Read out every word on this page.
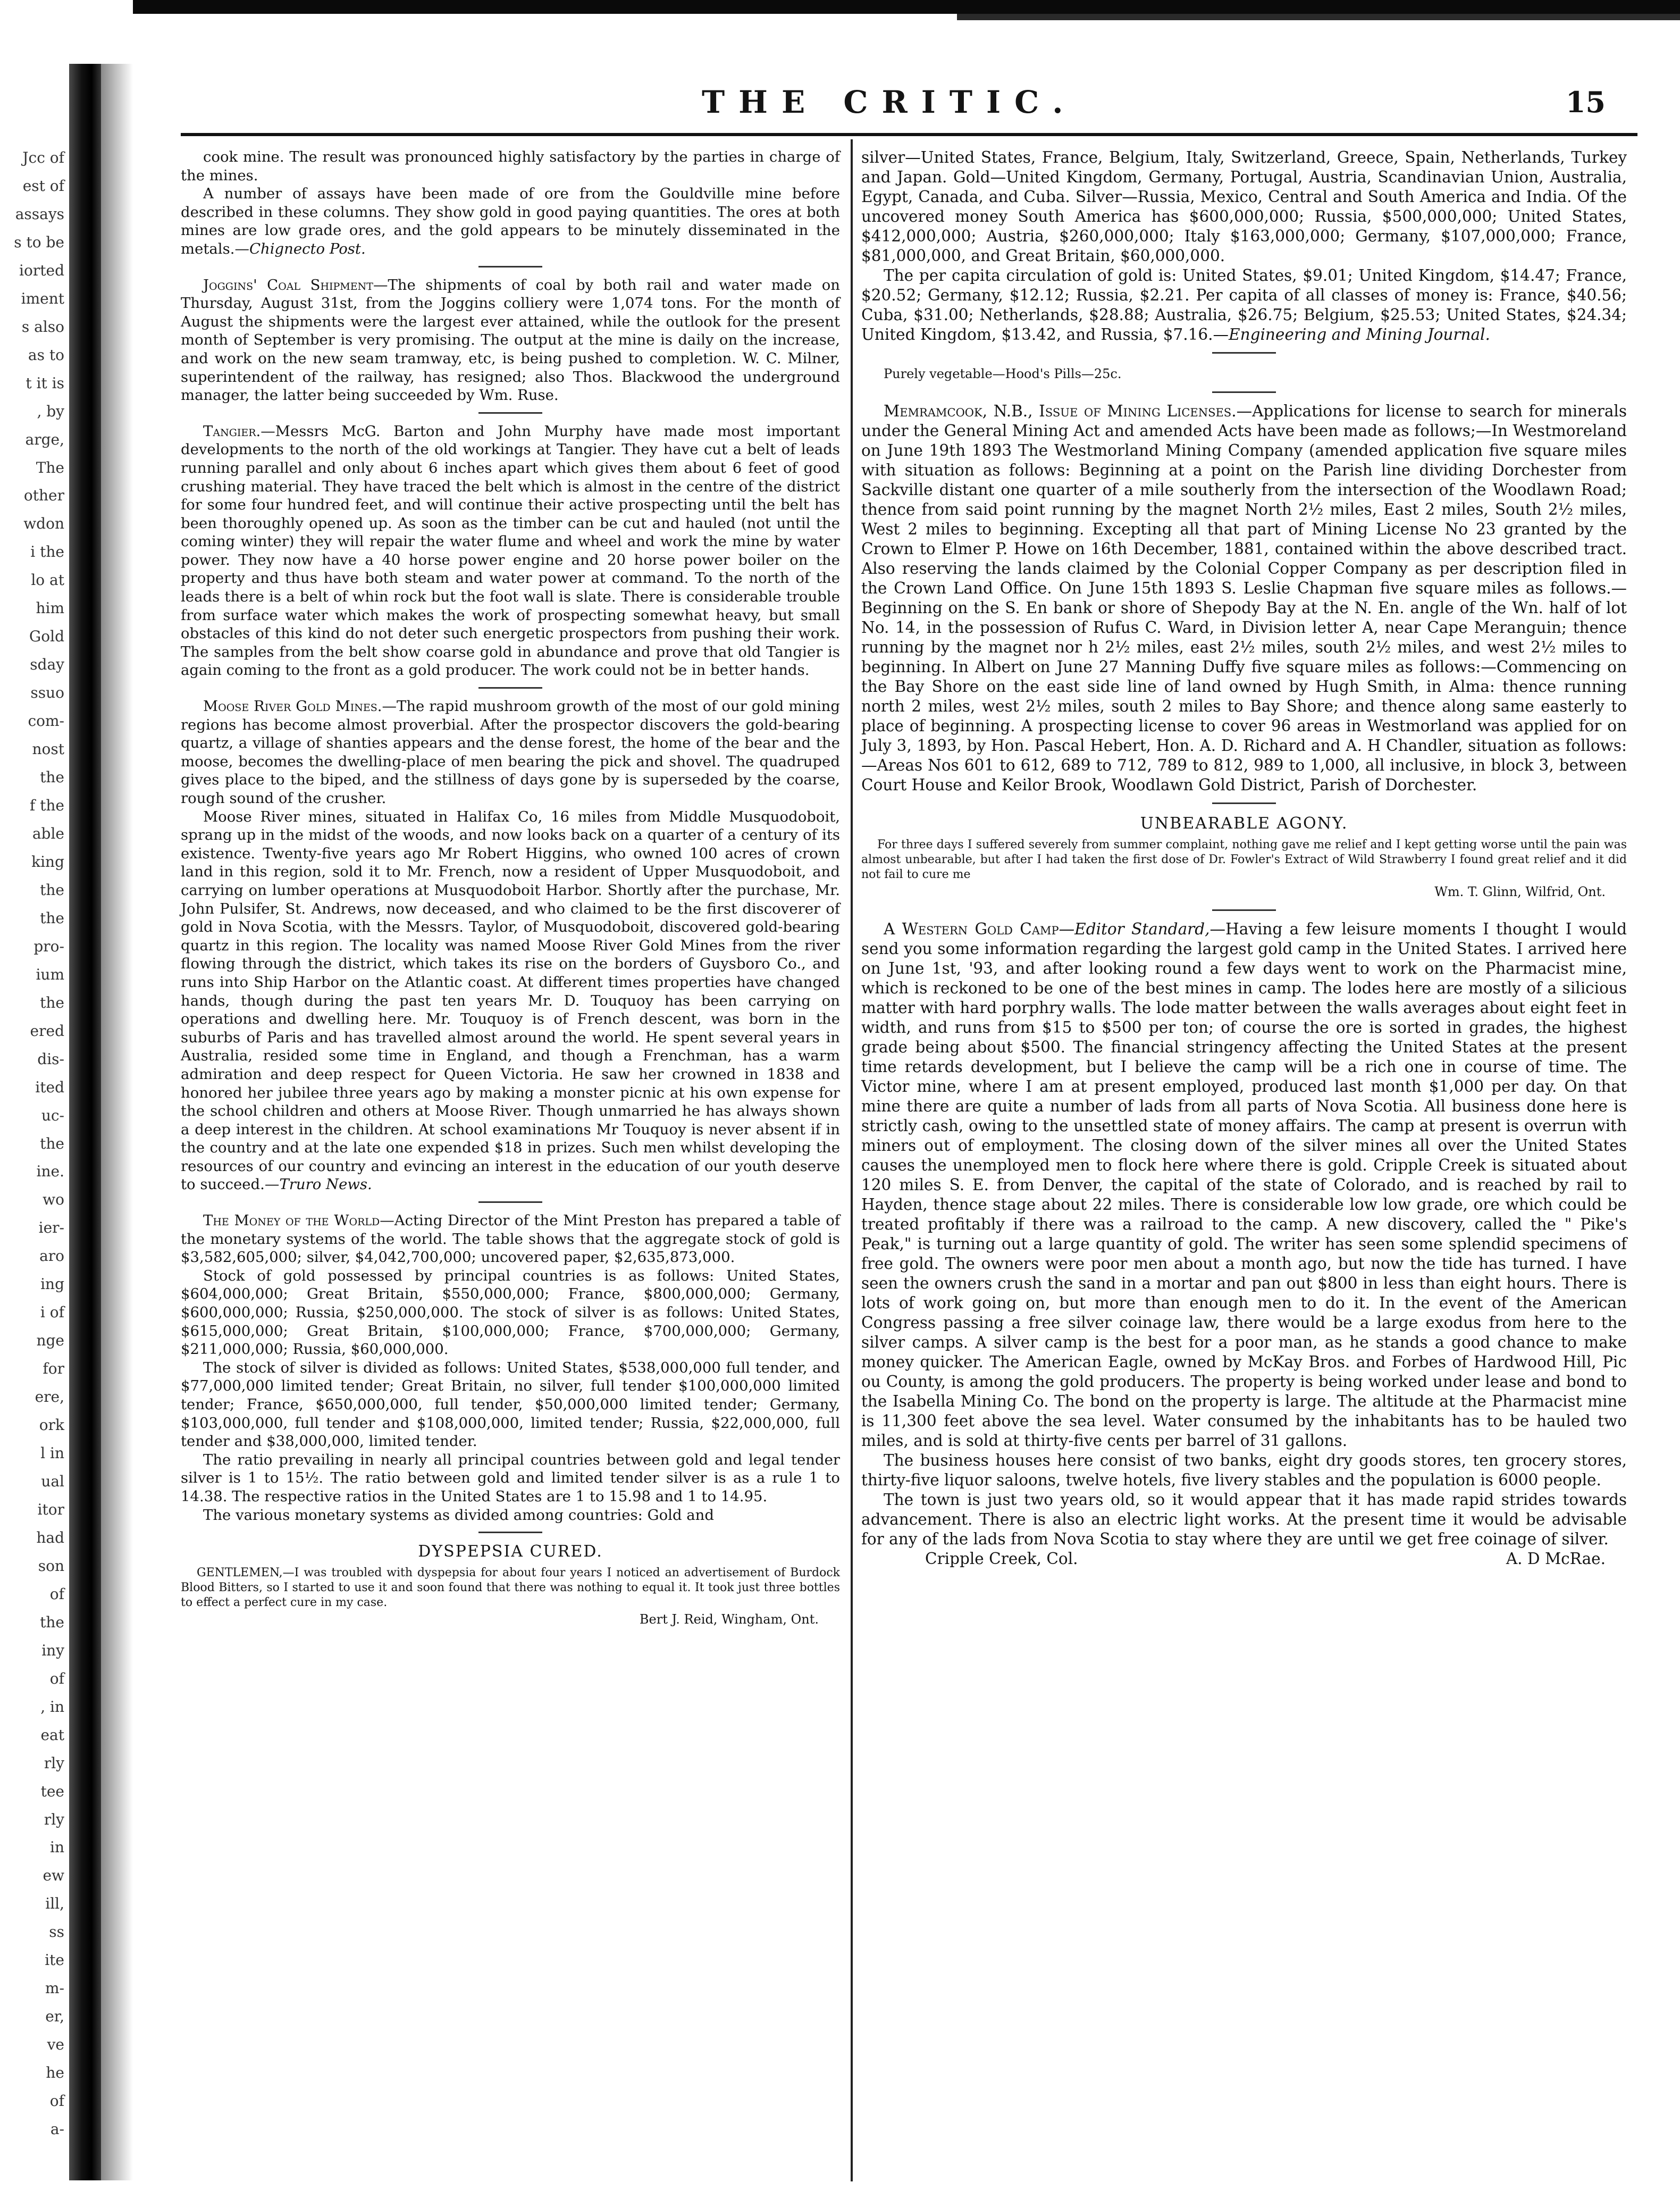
Jcc of
est of
assays
s to be
iorted
iment
s also
as to
t it is
, by
arge,
The
other
wdon
i the
lo at
him
Gold
sday
ssuo
com-
nost
the
f the
able
king
the
the
pro-
ium
the
ered
dis-
ited
uc-
the
ine.
wo
ier-
aro
ing
i of
nge
for
ere,
ork
l in
ual
itor
had
son
of
the
iny
of
, in
eat
rly
tee
rly
in
ew
ill,
ss
ite
m-
er,
ve
he
of
a-
THE CRITIC.	15

cook mine. The result was pronounced highly satisfactory by the parties in charge of the mines.

A number of assays have been made of ore from the Gouldville mine before described in these columns. They show gold in good paying quantities. The ores at both mines are low grade ores, and the gold appears to be minutely disseminated in the metals.—Chignecto Post.

Joggins' Coal Shipment—The shipments of coal by both rail and water made on Thursday, August 31st, from the Joggins colliery were 1,074 tons. For the month of August the shipments were the largest ever attained, while the outlook for the present month of September is very promising. The output at the mine is daily on the increase, and work on the new seam tramway, etc, is being pushed to completion. W. C. Milner, superintendent of the railway, has resigned; also Thos. Blackwood the underground manager, the latter being succeeded by Wm. Ruse.

Tangier.—Messrs McG. Barton and John Murphy have made most important developments to the north of the old workings at Tangier. They have cut a belt of leads running parallel and only about 6 inches apart which gives them about 6 feet of good crushing material. They have traced the belt which is almost in the centre of the district for some four hundred feet, and will continue their active prospecting until the belt has been thoroughly opened up. As soon as the timber can be cut and hauled (not until the coming winter) they will repair the water flume and wheel and work the mine by water power. They now have a 40 horse power engine and 20 horse power boiler on the property and thus have both steam and water power at command. To the north of the leads there is a belt of whin rock but the foot wall is slate. There is considerable trouble from surface water which makes the work of prospecting somewhat heavy, but small obstacles of this kind do not deter such energetic prospectors from pushing their work. The samples from the belt show coarse gold in abundance and prove that old Tangier is again coming to the front as a gold producer. The work could not be in better hands.

Moose River Gold Mines.—The rapid mushroom growth of the most of our gold mining regions has become almost proverbial. After the prospector discovers the gold-bearing quartz, a village of shanties appears and the dense forest, the home of the bear and the moose, becomes the dwelling-place of men bearing the pick and shovel. The quadruped gives place to the biped, and the stillness of days gone by is superseded by the coarse, rough sound of the crusher.

Moose River mines, situated in Halifax Co, 16 miles from Middle Musquodoboit, sprang up in the midst of the woods, and now looks back on a quarter of a century of its existence. Twenty-five years ago Mr Robert Higgins, who owned 100 acres of crown land in this region, sold it to Mr. French, now a resident of Upper Musquodoboit, and carrying on lumber operations at Musquodoboit Harbor. Shortly after the purchase, Mr. John Pulsifer, St. Andrews, now deceased, and who claimed to be the first discoverer of gold in Nova Scotia, with the Messrs. Taylor, of Musquodoboit, discovered gold-bearing quartz in this region. The locality was named Moose River Gold Mines from the river flowing through the district, which takes its rise on the borders of Guysboro Co., and runs into Ship Harbor on the Atlantic coast. At different times properties have changed hands, though during the past ten years Mr. D. Touquoy has been carrying on operations and dwelling here. Mr. Touquoy is of French descent, was born in the suburbs of Paris and has travelled almost around the world. He spent several years in Australia, resided some time in England, and though a Frenchman, has a warm admiration and deep respect for Queen Victoria. He saw her crowned in 1838 and honored her jubilee three years ago by making a monster picnic at his own expense for the school children and others at Moose River. Though unmarried he has always shown a deep interest in the children. At school examinations Mr Touquoy is never absent if in the country and at the late one expended $18 in prizes. Such men whilst developing the resources of our country and evincing an interest in the education of our youth deserve to succeed.—Truro News.

The Money of the World—Acting Director of the Mint Preston has prepared a table of the monetary systems of the world. The table shows that the aggregate stock of gold is $3,582,605,000; silver, $4,042,700,000; uncovered paper, $2,635,873,000.

Stock of gold possessed by principal countries is as follows: United States, $604,000,000; Great Britain, $550,000,000; France, $800,000,000; Germany, $600,000,000; Russia, $250,000,000. The stock of silver is as follows: United States, $615,000,000; Great Britain, $100,000,000; France, $700,000,000; Germany, $211,000,000; Russia, $60,000,000.

The stock of silver is divided as follows: United States, $538,000,000 full tender, and $77,000,000 limited tender; Great Britain, no silver, full tender $100,000,000 limited tender; France, $650,000,000, full tender, $50,000,000 limited tender; Germany, $103,000,000, full tender and $108,000,000, limited tender; Russia, $22,000,000, full tender and $38,000,000, limited tender.

The ratio prevailing in nearly all principal countries between gold and legal tender silver is 1 to 15½. The ratio between gold and limited tender silver is as a rule 1 to 14.38. The respective ratios in the United States are 1 to 15.98 and 1 to 14.95.

The various monetary systems as divided among countries: Gold and

DYSPEPSIA CURED.
GENTLEMEN,—I was troubled with dyspepsia for about four years I noticed an advertisement of Burdock Blood Bitters, so I started to use it and soon found that there was nothing to equal it. It took just three bottles to effect a perfect cure in my case.
Bert J. Reid, Wingham, Ont.

silver—United States, France, Belgium, Italy, Switzerland, Greece, Spain, Netherlands, Turkey and Japan. Gold—United Kingdom, Germany, Portugal, Austria, Scandinavian Union, Australia, Egypt, Canada, and Cuba. Silver—Russia, Mexico, Central and South America and India. Of the uncovered money South America has $600,000,000; Russia, $500,000,000; United States, $412,000,000; Austria, $260,000,000; Italy $163,000,000; Germany, $107,000,000; France, $81,000,000, and Great Britain, $60,000,000.

The per capita circulation of gold is: United States, $9.01; United Kingdom, $14.47; France, $20.52; Germany, $12.12; Russia, $2.21. Per capita of all classes of money is: France, $40.56; Cuba, $31.00; Netherlands, $28.88; Australia, $26.75; Belgium, $25.53; United States, $24.34; United Kingdom, $13.42, and Russia, $7.16.—Engineering and Mining Journal.

Purely vegetable—Hood's Pills—25c.

Memramcook, N.B., Issue of Mining Licenses.—Applications for license to search for minerals under the General Mining Act and amended Acts have been made as follows;—In Westmoreland on June 19th 1893 The Westmorland Mining Company (amended application five square miles with situation as follows: Beginning at a point on the Parish line dividing Dorchester from Sackville distant one quarter of a mile southerly from the intersection of the Woodlawn Road; thence from said point running by the magnet North 2½ miles, East 2 miles, South 2½ miles, West 2 miles to beginning. Excepting all that part of Mining License No 23 granted by the Crown to Elmer P. Howe on 16th December, 1881, contained within the above described tract. Also reserving the lands claimed by the Colonial Copper Company as per description filed in the Crown Land Office. On June 15th 1893 S. Leslie Chapman five square miles as follows.—Beginning on the S. En bank or shore of Shepody Bay at the N. En. angle of the Wn. half of lot No. 14, in the possession of Rufus C. Ward, in Division letter A, near Cape Meranguin; thence running by the magnet nor h 2½ miles, east 2½ miles, south 2½ miles, and west 2½ miles to beginning. In Albert on June 27 Manning Duffy five square miles as follows:—Commencing on the Bay Shore on the east side line of land owned by Hugh Smith, in Alma: thence running north 2 miles, west 2½ miles, south 2 miles to Bay Shore; and thence along same easterly to place of beginning. A prospecting license to cover 96 areas in Westmorland was applied for on July 3, 1893, by Hon. Pascal Hebert, Hon. A. D. Richard and A. H Chandler, situation as follows:—Areas Nos 601 to 612, 689 to 712, 789 to 812, 989 to 1,000, all inclusive, in block 3, between Court House and Keilor Brook, Woodlawn Gold District, Parish of Dorchester.

UNBEARABLE AGONY.
For three days I suffered severely from summer complaint, nothing gave me relief and I kept getting worse until the pain was almost unbearable, but after I had taken the first dose of Dr. Fowler's Extract of Wild Strawberry I found great relief and it did not fail to cure me
Wm. T. Glinn, Wilfrid, Ont.

A Western Gold Camp—Editor Standard,—Having a few leisure moments I thought I would send you some information regarding the largest gold camp in the United States. I arrived here on June 1st, '93, and after looking round a few days went to work on the Pharmacist mine, which is reckoned to be one of the best mines in camp. The lodes here are mostly of a silicious matter with hard porphry walls. The lode matter between the walls averages about eight feet in width, and runs from $15 to $500 per ton; of course the ore is sorted in grades, the highest grade being about $500. The financial stringency affecting the United States at the present time retards development, but I believe the camp will be a rich one in course of time. The Victor mine, where I am at present employed, produced last month $1,000 per day. On that mine there are quite a number of lads from all parts of Nova Scotia. All business done here is strictly cash, owing to the unsettled state of money affairs. The camp at present is overrun with miners out of employment. The closing down of the silver mines all over the United States causes the unemployed men to flock here where there is gold. Cripple Creek is situated about 120 miles S. E. from Denver, the capital of the state of Colorado, and is reached by rail to Hayden, thence stage about 22 miles. There is considerable low low grade, ore which could be treated profitably if there was a railroad to the camp. A new discovery, called the " Pike's Peak," is turning out a large quantity of gold. The writer has seen some splendid specimens of free gold. The owners were poor men about a month ago, but now the tide has turned. I have seen the owners crush the sand in a mortar and pan out $800 in less than eight hours. There is lots of work going on, but more than enough men to do it. In the event of the American Congress passing a free silver coinage law, there would be a large exodus from here to the silver camps. A silver camp is the best for a poor man, as he stands a good chance to make money quicker. The American Eagle, owned by McKay Bros. and Forbes of Hardwood Hill, Pic ou County, is among the gold producers. The property is being worked under lease and bond to the Isabella Mining Co. The bond on the property is large. The altitude at the Pharmacist mine is 11,300 feet above the sea level. Water consumed by the inhabitants has to be hauled two miles, and is sold at thirty-five cents per barrel of 31 gallons.

The business houses here consist of two banks, eight dry goods stores, ten grocery stores, thirty-five liquor saloons, twelve hotels, five livery stables and the population is 6000 people.

The town is just two years old, so it would appear that it has made rapid strides towards advancement. There is also an electric light works. At the present time it would be advisable for any of the lads from Nova Scotia to stay where they are until we get free coinage of silver.

Cripple Creek, Col.	A. D McRae.
